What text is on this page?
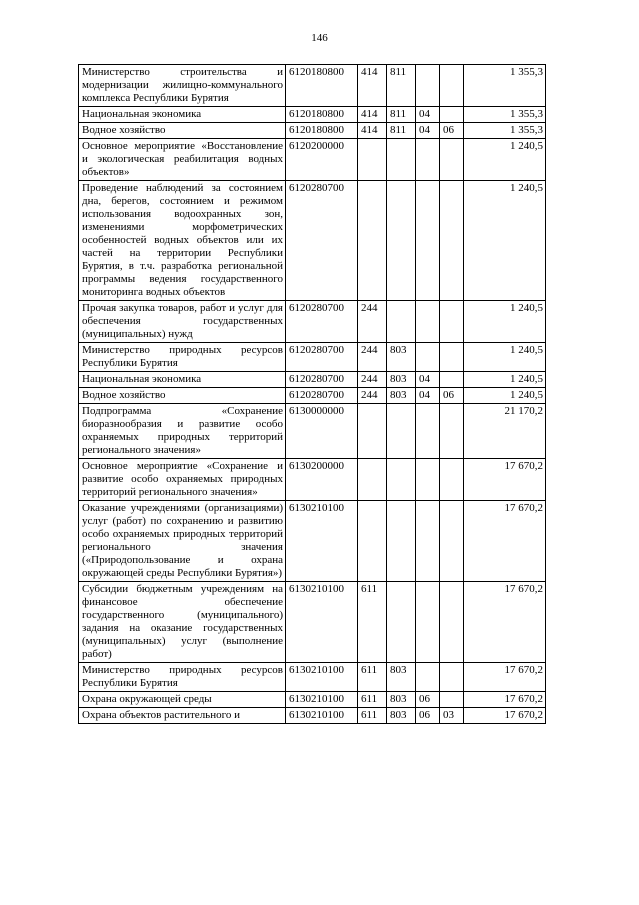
146
Министерство строительства и модернизации жилищно-коммунального комплекса Республики Бурятия	6120180800	414	811			1 355,3
Национальная экономика	6120180800	414	811	04		1 355,3
Водное хозяйство	6120180800	414	811	04	06	1 355,3
Основное мероприятие «Восстановление и экологическая реабилитация водных объектов»	6120200000					1 240,5
Проведение наблюдений за состоянием дна, берегов, состоянием и режимом использования водоохранных зон, изменениями морфометрических особенностей водных объектов или их частей на территории Республики Бурятия, в т.ч. разработка региональной программы ведения государственного мониторинга водных объектов	6120280700					1 240,5
Прочая закупка товаров, работ и услуг для обеспечения государственных (муниципальных) нужд	6120280700	244				1 240,5
Министерство природных ресурсов Республики Бурятия	6120280700	244	803			1 240,5
Национальная экономика	6120280700	244	803	04		1 240,5
Водное хозяйство	6120280700	244	803	04	06	1 240,5
Подпрограмма «Сохранение биоразнообразия и развитие особо охраняемых природных территорий регионального значения»	6130000000					21 170,2
Основное мероприятие «Сохранение и развитие особо охраняемых природных территорий регионального значения»	6130200000					17 670,2
Оказание учреждениями (организациями) услуг (работ) по сохранению и развитию особо охраняемых природных территорий регионального значения («Природопользование и охрана окружающей среды Республики Бурятия»)	6130210100					17 670,2
Субсидии бюджетным учреждениям на финансовое обеспечение государственного (муниципального) задания на оказание государственных (муниципальных) услуг (выполнение работ)	6130210100	611				17 670,2
Министерство природных ресурсов Республики Бурятия	6130210100	611	803			17 670,2
Охрана окружающей среды	6130210100	611	803	06		17 670,2
Охрана объектов растительного и	6130210100	611	803	06	03	17 670,2
